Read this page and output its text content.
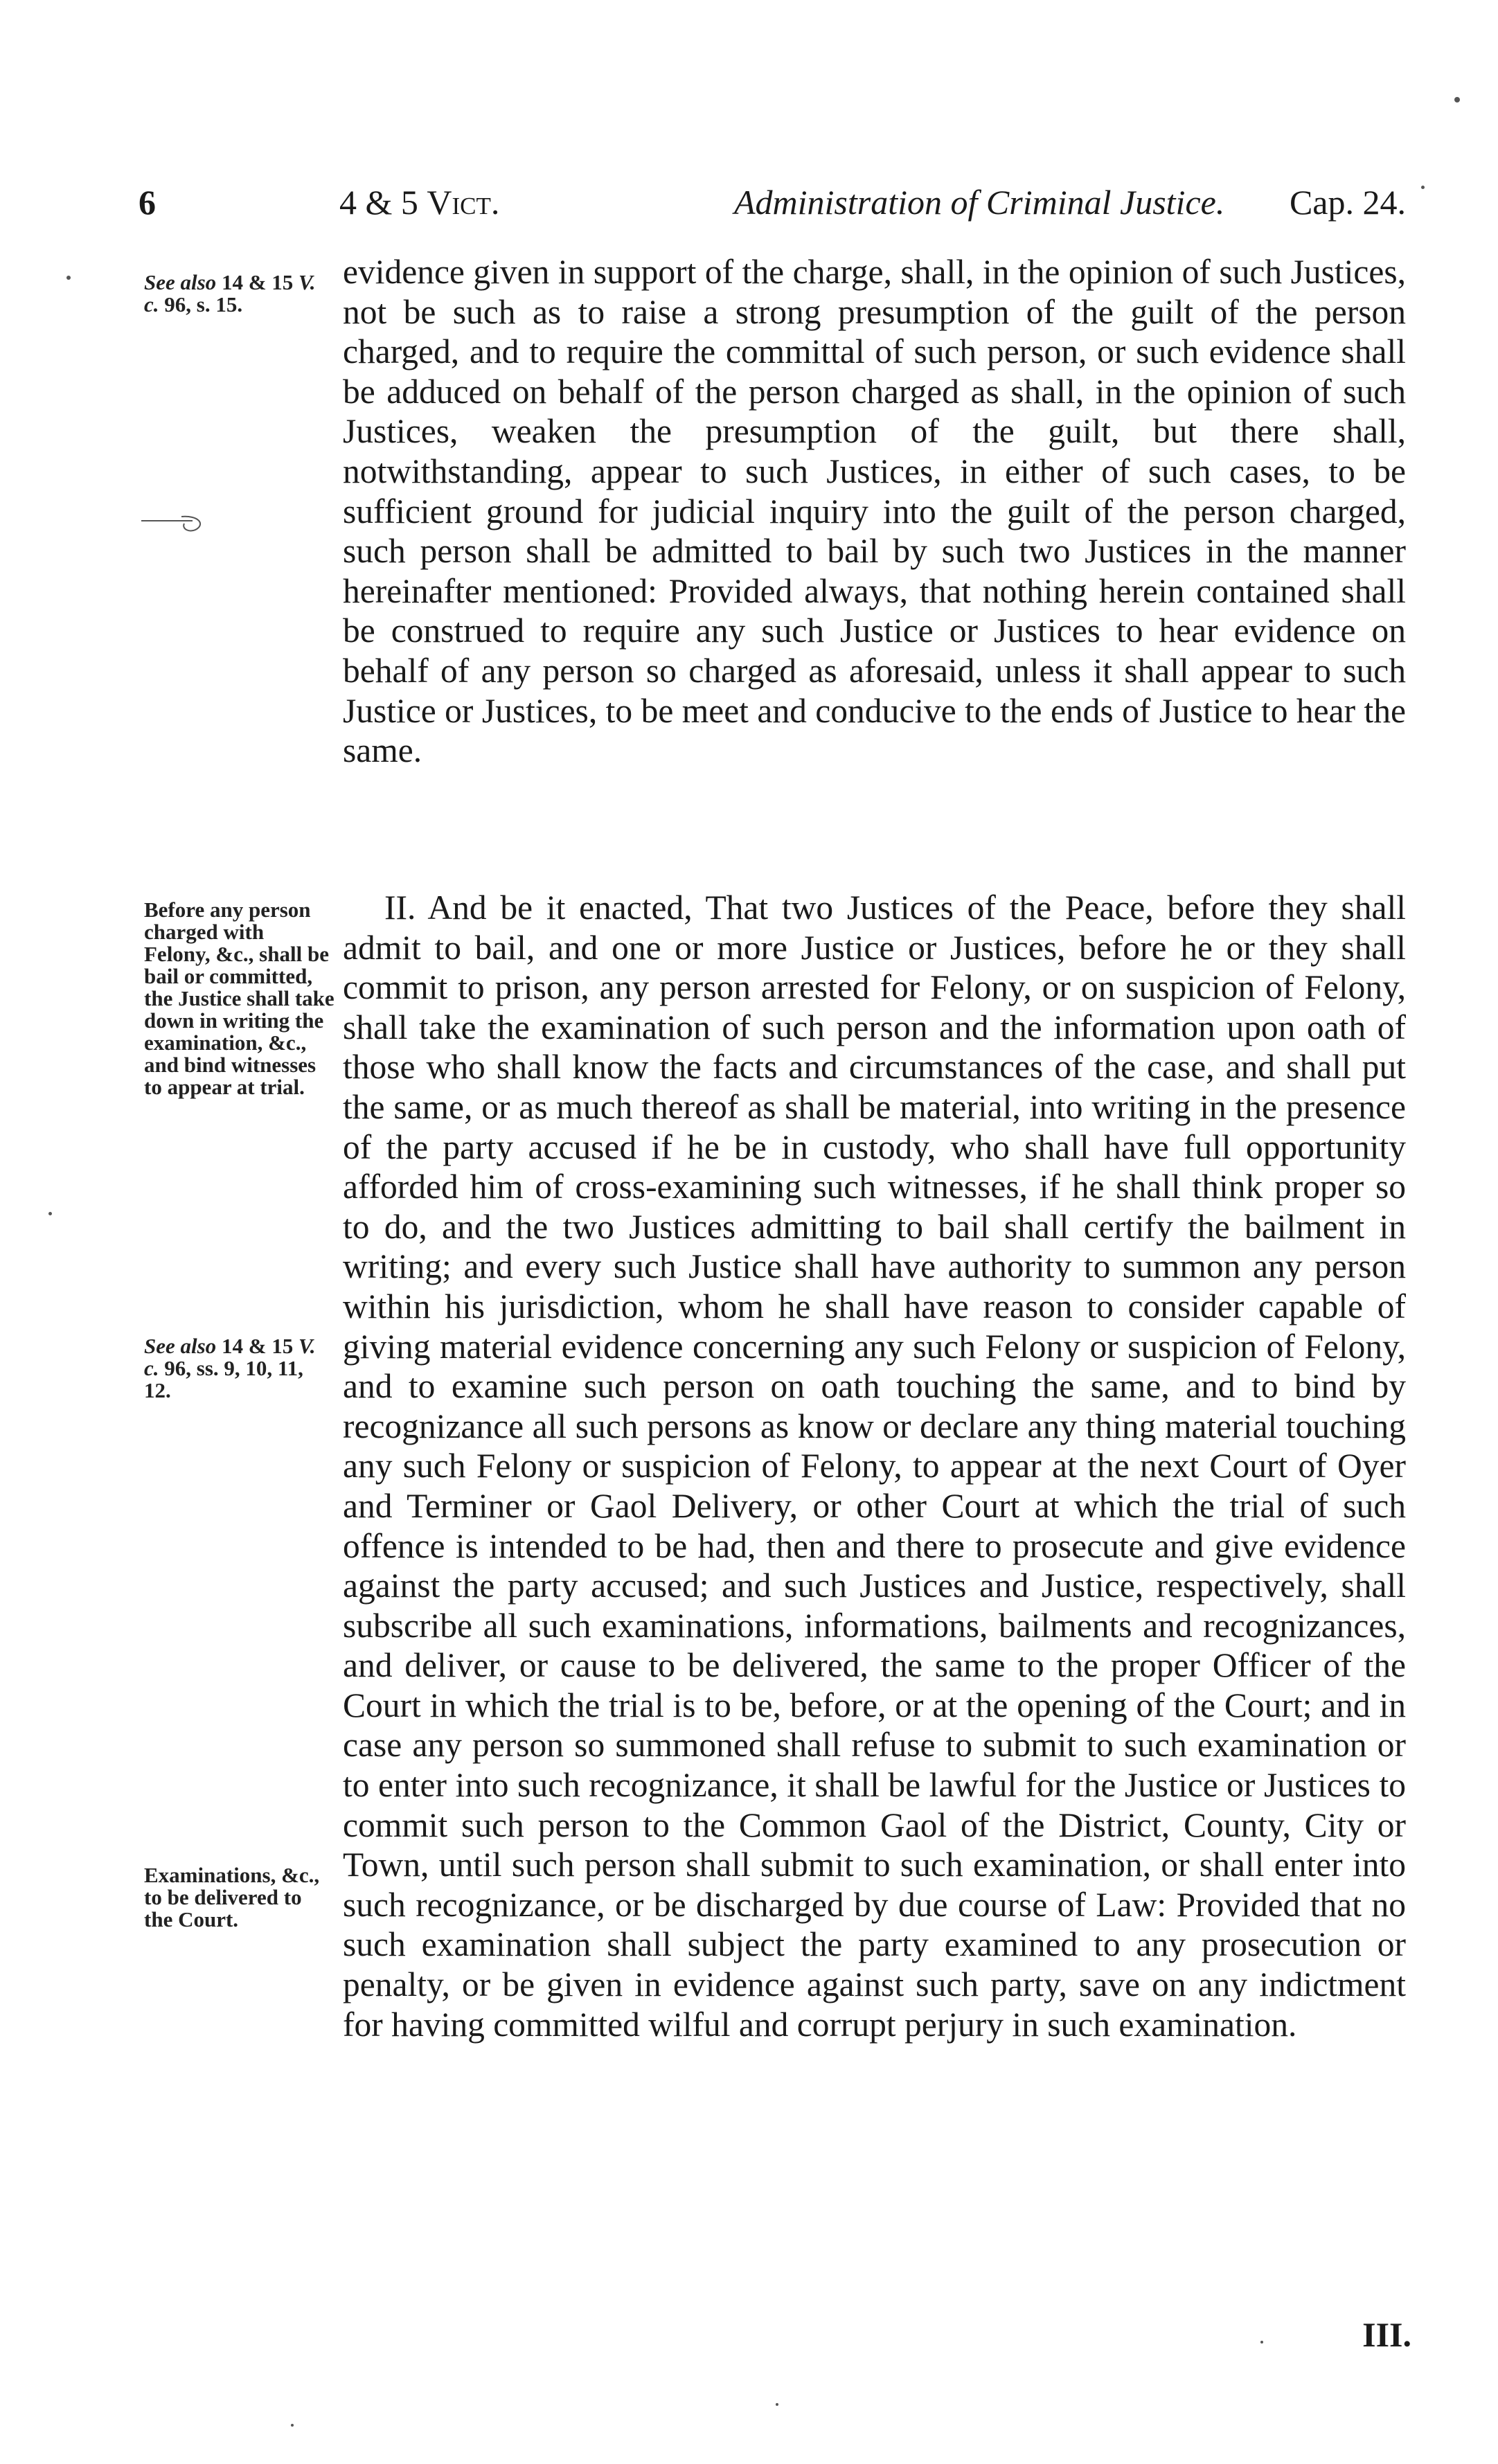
6	4 & 5 Vict.	Administration of Criminal Justice. Cap. 24.
See also 14 & 15 V. c. 96, s. 15.
Before any person charged with Felony, &c., shall be bail or committed, the Justice shall take down in writing the examination, &c., and bind witnesses to appear at trial.
See also 14 & 15 V. c. 96, ss. 9, 10, 11, 12.
Examinations, &c., to be delivered to the Court.

evidence given in support of the charge, shall, in the opinion of such Justices, not be such as to raise a strong presumption of the guilt of the person charged, and to require the committal of such person, or such evidence shall be adduced on behalf of the person charged as shall, in the opinion of such Justices, weaken the presumption of the guilt, but there shall, notwithstanding, appear to such Justices, in either of such cases, to be sufficient ground for judicial inquiry into the guilt of the person charged, such person shall be admitted to bail by such two Justices in the manner hereinafter mentioned: Provided always, that nothing herein contained shall be construed to require any such Justice or Justices to hear evidence on behalf of any person so charged as aforesaid, unless it shall appear to such Justice or Justices, to be meet and conducive to the ends of Justice to hear the same.

II. And be it enacted, That two Justices of the Peace, before they shall admit to bail, and one or more Justice or Justices, before he or they shall commit to prison, any person arrested for Felony, or on suspicion of Felony, shall take the examination of such person and the information upon oath of those who shall know the facts and circumstances of the case, and shall put the same, or as much thereof as shall be material, into writing in the presence of the party accused if he be in custody, who shall have full opportunity afforded him of cross-examining such witnesses, if he shall think proper so to do, and the two Justices admitting to bail shall certify the bailment in writing; and every such Justice shall have authority to summon any person within his jurisdiction, whom he shall have reason to consider capable of giving material evidence concerning any such Felony or suspicion of Felony, and to examine such person on oath touching the same, and to bind by recognizance all such persons as know or declare any thing material touching any such Felony or suspicion of Felony, to appear at the next Court of Oyer and Terminer or Gaol Delivery, or other Court at which the trial of such offence is intended to be had, then and there to prosecute and give evidence against the party accused; and such Justices and Justice, respectively, shall subscribe all such examinations, informations, bailments and recognizances, and deliver, or cause to be delivered, the same to the proper Officer of the Court in which the trial is to be, before, or at the opening of the Court; and in case any person so summoned shall refuse to submit to such examination or to enter into such recognizance, it shall be lawful for the Justice or Justices to commit such person to the Common Gaol of the District, County, City or Town, until such person shall submit to such examination, or shall enter into such recognizance, or be discharged by due course of Law: Provided that no such examination shall subject the party examined to any prosecution or penalty, or be given in evidence against such party, save on any indictment for having committed wilful and corrupt perjury in such examination.

III.
